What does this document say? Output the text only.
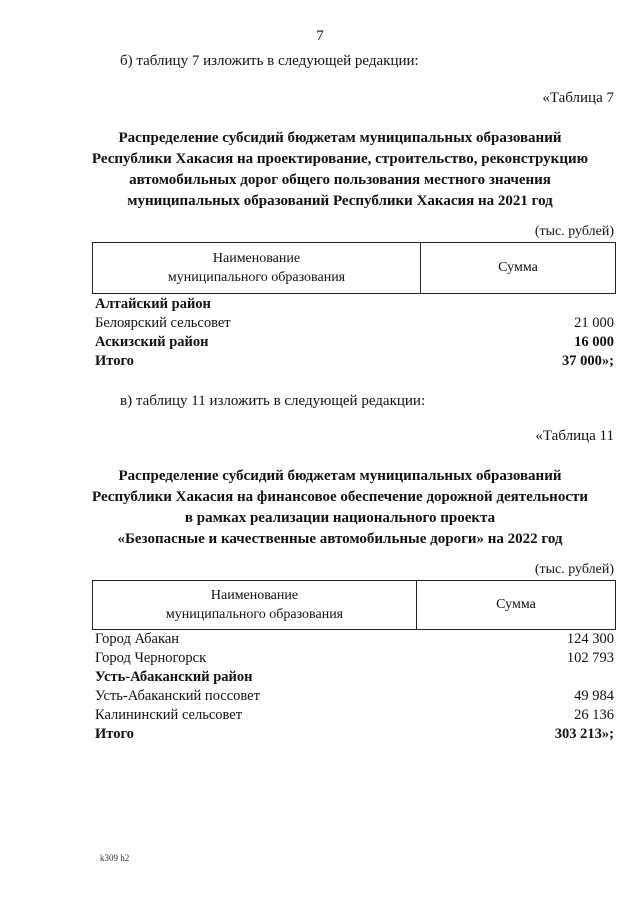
7
б) таблицу 7 изложить в следующей редакции:
«Таблица 7
Распределение субсидий бюджетам муниципальных образований
Республики Хакасия на проектирование, строительство, реконструкцию
автомобильных дорог общего пользования местного значения
муниципальных образований Республики Хакасия на 2021 год
(тыс. рублей)
Наименование
муниципального образования
Сумма
Алтайский район
Белоярский сельсовет	21 000
Аскизский район	16 000
Итого	37 000»;
в) таблицу 11 изложить в следующей редакции:
«Таблица 11
Распределение субсидий бюджетам муниципальных образований
Республики Хакасия на финансовое обеспечение дорожной деятельности
в рамках реализации национального проекта
«Безопасные и качественные автомобильные дороги» на 2022 год
(тыс. рублей)
Наименование
муниципального образования
Сумма
Город Абакан	124 300
Город Черногорск	102 793
Усть-Абаканский район
Усть-Абаканский поссовет	49 984
Калининский сельсовет	26 136
Итого	303 213»;
k309 h2
